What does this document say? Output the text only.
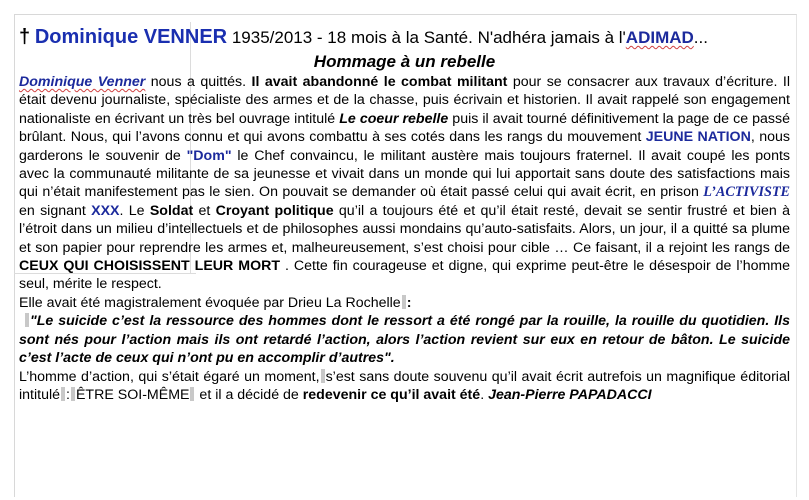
† Dominique VENNER 1935/2013 - 18 mois à la Santé. N'adhéra jamais à l'ADIMAD...
Hommage à un rebelle

Dominique Venner nous a quittés. Il avait abandonné le combat militant pour se consacrer aux travaux d’écriture. Il était devenu journaliste, spécialiste des armes et de la chasse, puis écrivain et historien. Il avait rappelé son engagement nationaliste en écrivant un très bel ouvrage intitulé Le coeur rebelle puis il avait tourné définitivement la page de ce passé brûlant. Nous, qui l’avons connu et qui avons combattu à ses cotés dans les rangs du mouvement JEUNE NATION, nous garderons le souvenir de "Dom" le Chef convaincu, le militant austère mais toujours fraternel. Il avait coupé les ponts avec la communauté militante de sa jeunesse et vivait dans un monde qui lui apportait sans doute des satisfactions mais qui n’était manifestement pas le sien. On pouvait se demander où était passé celui qui avait écrit, en prison L’ACTIVISTE en signant XXX. Le Soldat et Croyant politique qu’il a toujours été et qu’il était resté, devait se sentir frustré et bien à l’étroit dans un milieu d’intellectuels et de philosophes aussi mondains qu’auto-satisfaits. Alors, un jour, il a quitté sa plume et son papier pour reprendre les armes et, malheureusement, s’est choisi pour cible … Ce faisant, il a rejoint les rangs de CEUX QUI CHOISISSENT LEUR MORT . Cette fin courageuse et digne, qui exprime peut-être le désespoir de l’homme seul, mérite le respect.

Elle avait été magistralement évoquée par Drieu La Rochelle :

"Le suicide c’est la ressource des hommes dont le ressort a été rongé par la rouille, la rouille du quotidien. Ils sont nés pour l’action mais ils ont retardé l’action, alors l’action revient sur eux en retour de bâton. Le suicide c’est l’acte de ceux qui n’ont pu en accomplir d’autres".

L’homme d’action, qui s’était égaré un moment, s’est sans doute souvenu qu’il avait écrit autrefois un magnifique éditorial intitulé : ÊTRE SOI-MÊME et il a décidé de redevenir ce qu’il avait été. Jean-Pierre PAPADACCI
